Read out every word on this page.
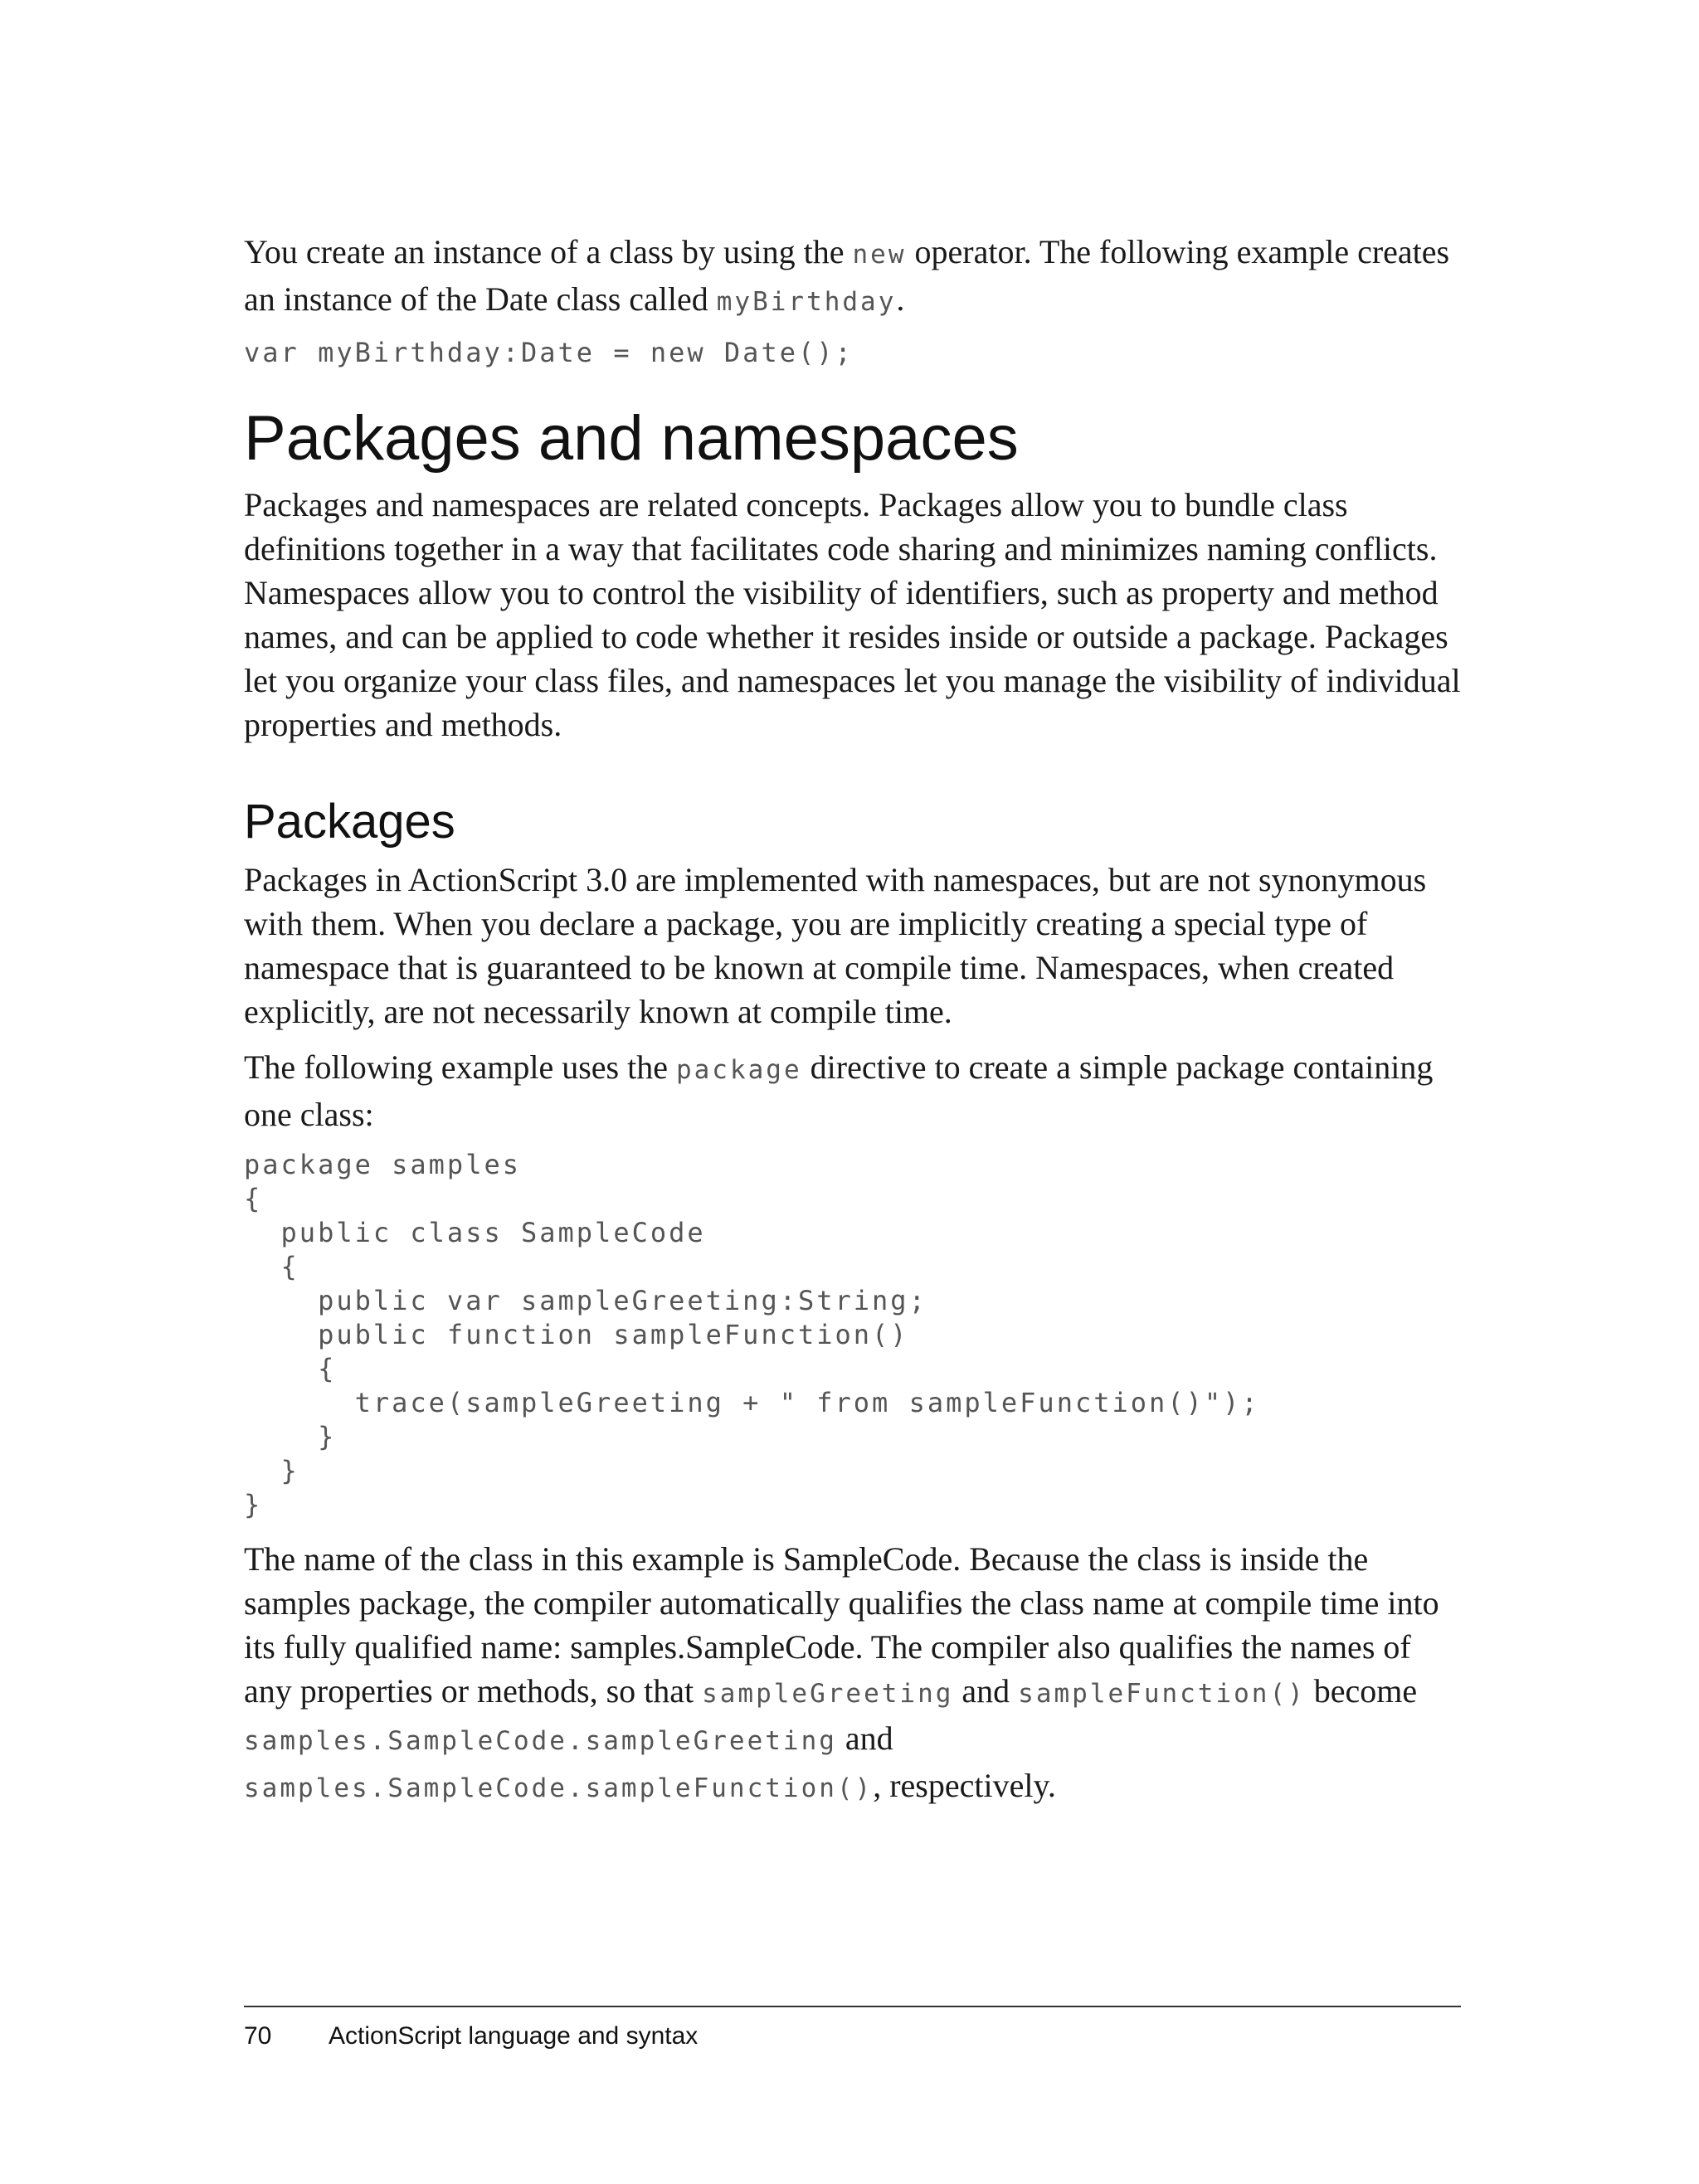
You create an instance of a class by using the new operator. The following example creates an instance of the Date class called myBirthday.

var myBirthday:Date = new Date();
Packages and namespaces

Packages and namespaces are related concepts. Packages allow you to bundle class definitions together in a way that facilitates code sharing and minimizes naming conflicts. Namespaces allow you to control the visibility of identifiers, such as property and method names, and can be applied to code whether it resides inside or outside a package. Packages let you organize your class files, and namespaces let you manage the visibility of individual properties and methods.

Packages

Packages in ActionScript 3.0 are implemented with namespaces, but are not synonymous with them. When you declare a package, you are implicitly creating a special type of namespace that is guaranteed to be known at compile time. Namespaces, when created explicitly, are not necessarily known at compile time.

The following example uses the package directive to create a simple package containing one class:

package samples
{
public class SampleCode
{
public var sampleGreeting:String;
public function sampleFunction()
{
trace(sampleGreeting + " from sampleFunction()");
}
}
}

The name of the class in this example is SampleCode. Because the class is inside the samples package, the compiler automatically qualifies the class name at compile time into its fully qualified name: samples.SampleCode. The compiler also qualifies the names of any properties or methods, so that sampleGreeting and sampleFunction() become samples.SampleCode.sampleGreeting and samples.SampleCode.sampleFunction(), respectively.

70 ActionScript language and syntax
